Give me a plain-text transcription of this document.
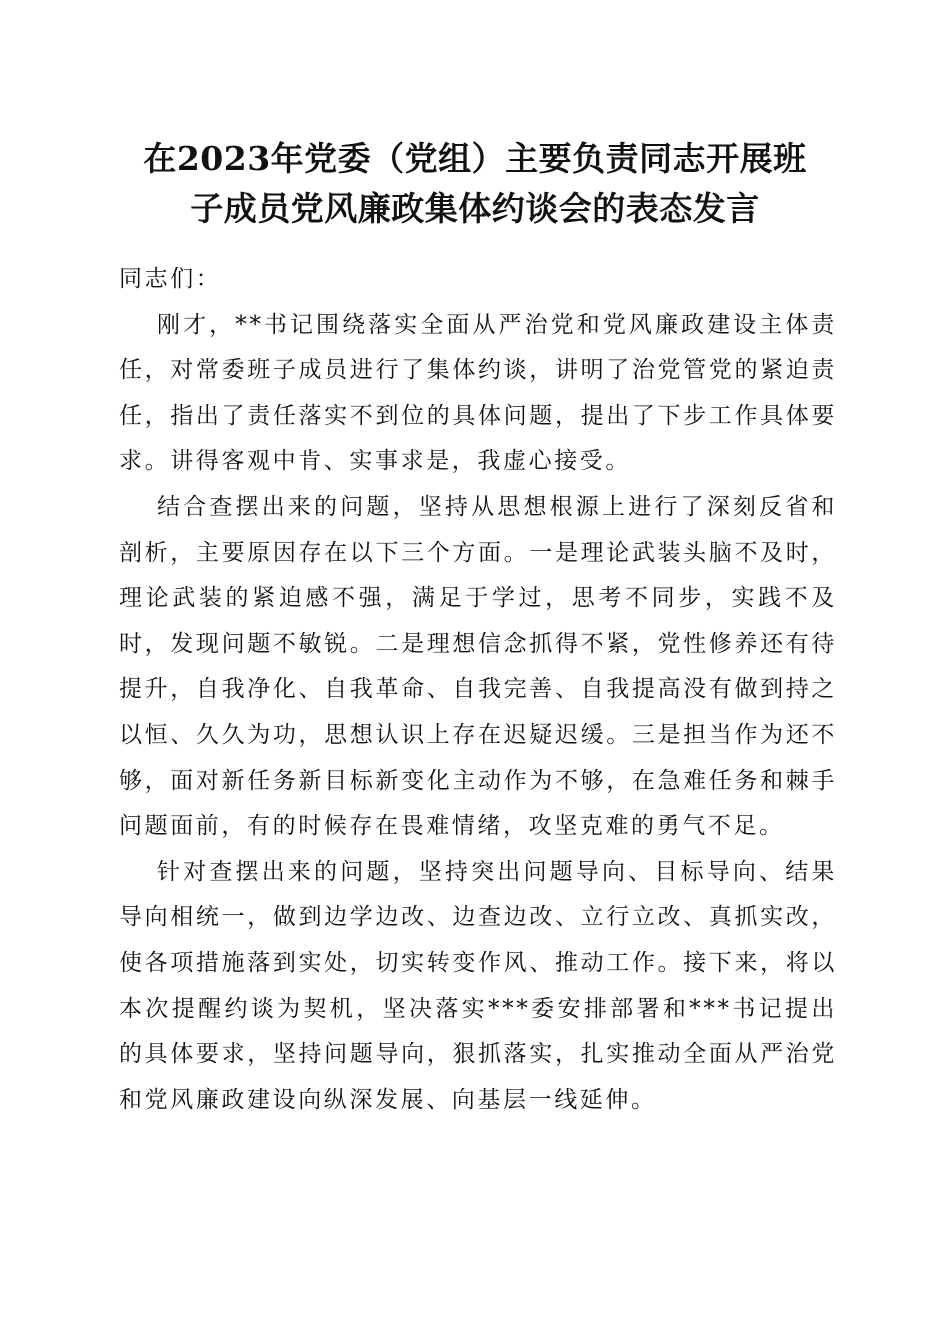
在2023年党委（党组）主要负责同志开展班
子成员党风廉政集体约谈会的表态发言

同志们：

刚才，**书记围绕落实全面从严治党和党风廉政建设主体责任，对常委班子成员进行了集体约谈，讲明了治党管党的紧迫责任，指出了责任落实不到位的具体问题，提出了下步工作具体要求。讲得客观中肯、实事求是，我虚心接受。

结合查摆出来的问题，坚持从思想根源上进行了深刻反省和剖析，主要原因存在以下三个方面。一是理论武装头脑不及时，理论武装的紧迫感不强，满足于学过，思考不同步，实践不及时，发现问题不敏锐。二是理想信念抓得不紧，党性修养还有待提升，自我净化、自我革命、自我完善、自我提高没有做到持之以恒、久久为功，思想认识上存在迟疑迟缓。三是担当作为还不够，面对新任务新目标新变化主动作为不够，在急难任务和棘手问题面前，有的时候存在畏难情绪，攻坚克难的勇气不足。

针对查摆出来的问题，坚持突出问题导向、目标导向、结果导向相统一，做到边学边改、边查边改、立行立改、真抓实改，使各项措施落到实处，切实转变作风、推动工作。接下来，将以本次提醒约谈为契机，坚决落实***委安排部署和***书记提出的具体要求，坚持问题导向，狠抓落实，扎实推动全面从严治党和党风廉政建设向纵深发展、向基层一线延伸。
